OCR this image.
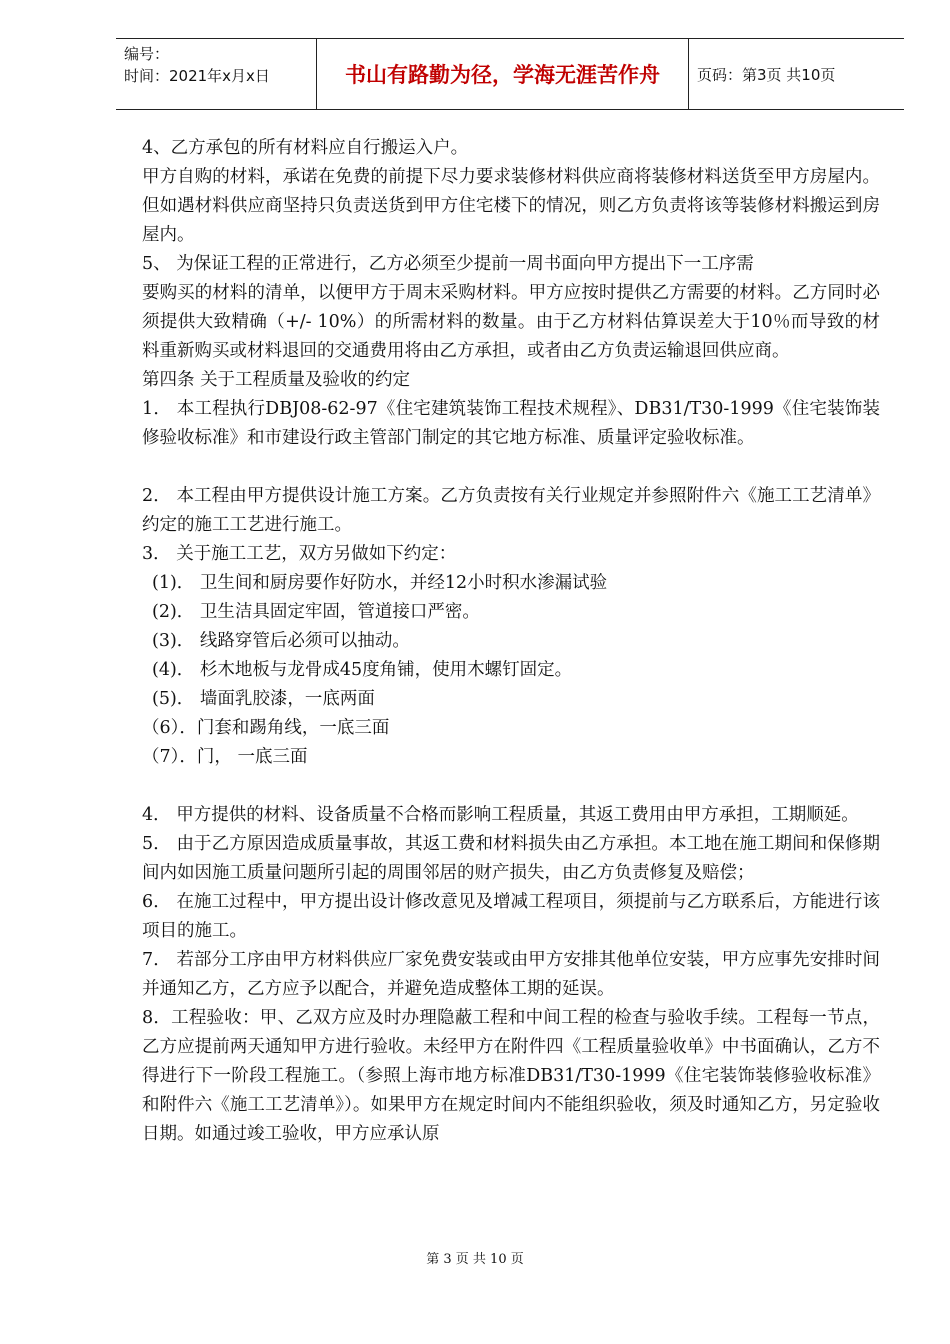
编号：
时间：2021年x月x日	书山有路勤为径，学海无涯苦作舟 页码：第3页 共10页

4、乙方承包的所有材料应自行搬运入户。

甲方自购的材料，承诺在免费的前提下尽力要求装修材料供应商将装修材料送货至甲方房屋内。但如遇材料供应商坚持只负责送货到甲方住宅楼下的情况，则乙方负责将该等装修材料搬运到房屋内。

5、 为保证工程的正常进行，乙方必须至少提前一周书面向甲方提出下一工序需

要购买的材料的清单，以便甲方于周末采购材料。甲方应按时提供乙方需要的材料。乙方同时必须提供大致精确（+/- 10%）的所需材料的数量。由于乙方材料估算误差大于10％而导致的材料重新购买或材料退回的交通费用将由乙方承担，或者由乙方负责运输退回供应商。

第四条 关于工程质量及验收的约定

1． 本工程执行DBJ08-62-97《住宅建筑装饰工程技术规程》、DB31/T30-1999《住宅装饰装修验收标准》和市建设行政主管部门制定的其它地方标准、质量评定验收标准。

2． 本工程由甲方提供设计施工方案。乙方负责按有关行业规定并参照附件六《施工工艺清单》约定的施工工艺进行施工。

3． 关于施工工艺，双方另做如下约定：

(1)． 卫生间和厨房要作好防水，并经12小时积水渗漏试验

(2)． 卫生洁具固定牢固，管道接口严密。

(3)． 线路穿管后必须可以抽动。

(4)． 杉木地板与龙骨成45度角铺，使用木螺钉固定。

(5)． 墙面乳胶漆，一底两面

（6）．门套和踢角线，一底三面

（7）．门， 一底三面

4． 甲方提供的材料、设备质量不合格而影响工程质量，其返工费用由甲方承担，工期顺延。

5． 由于乙方原因造成质量事故，其返工费和材料损失由乙方承担。本工地在施工期间和保修期间内如因施工质量问题所引起的周围邻居的财产损失，由乙方负责修复及赔偿；

6． 在施工过程中，甲方提出设计修改意见及增减工程项目，须提前与乙方联系后，方能进行该项目的施工。

7． 若部分工序由甲方材料供应厂家免费安装或由甲方安排其他单位安装，甲方应事先安排时间并通知乙方，乙方应予以配合，并避免造成整体工期的延误。

8．工程验收：甲、乙双方应及时办理隐蔽工程和中间工程的检查与验收手续。工程每一节点，乙方应提前两天通知甲方进行验收。未经甲方在附件四《工程质量验收单》中书面确认，乙方不得进行下一阶段工程施工。（参照上海市地方标准DB31/T30-1999《住宅装饰装修验收标准》和附件六《施工工艺清单》）。如果甲方在规定时间内不能组织验收，须及时通知乙方，另定验收日期。如通过竣工验收，甲方应承认原

第 3 页 共 10 页
